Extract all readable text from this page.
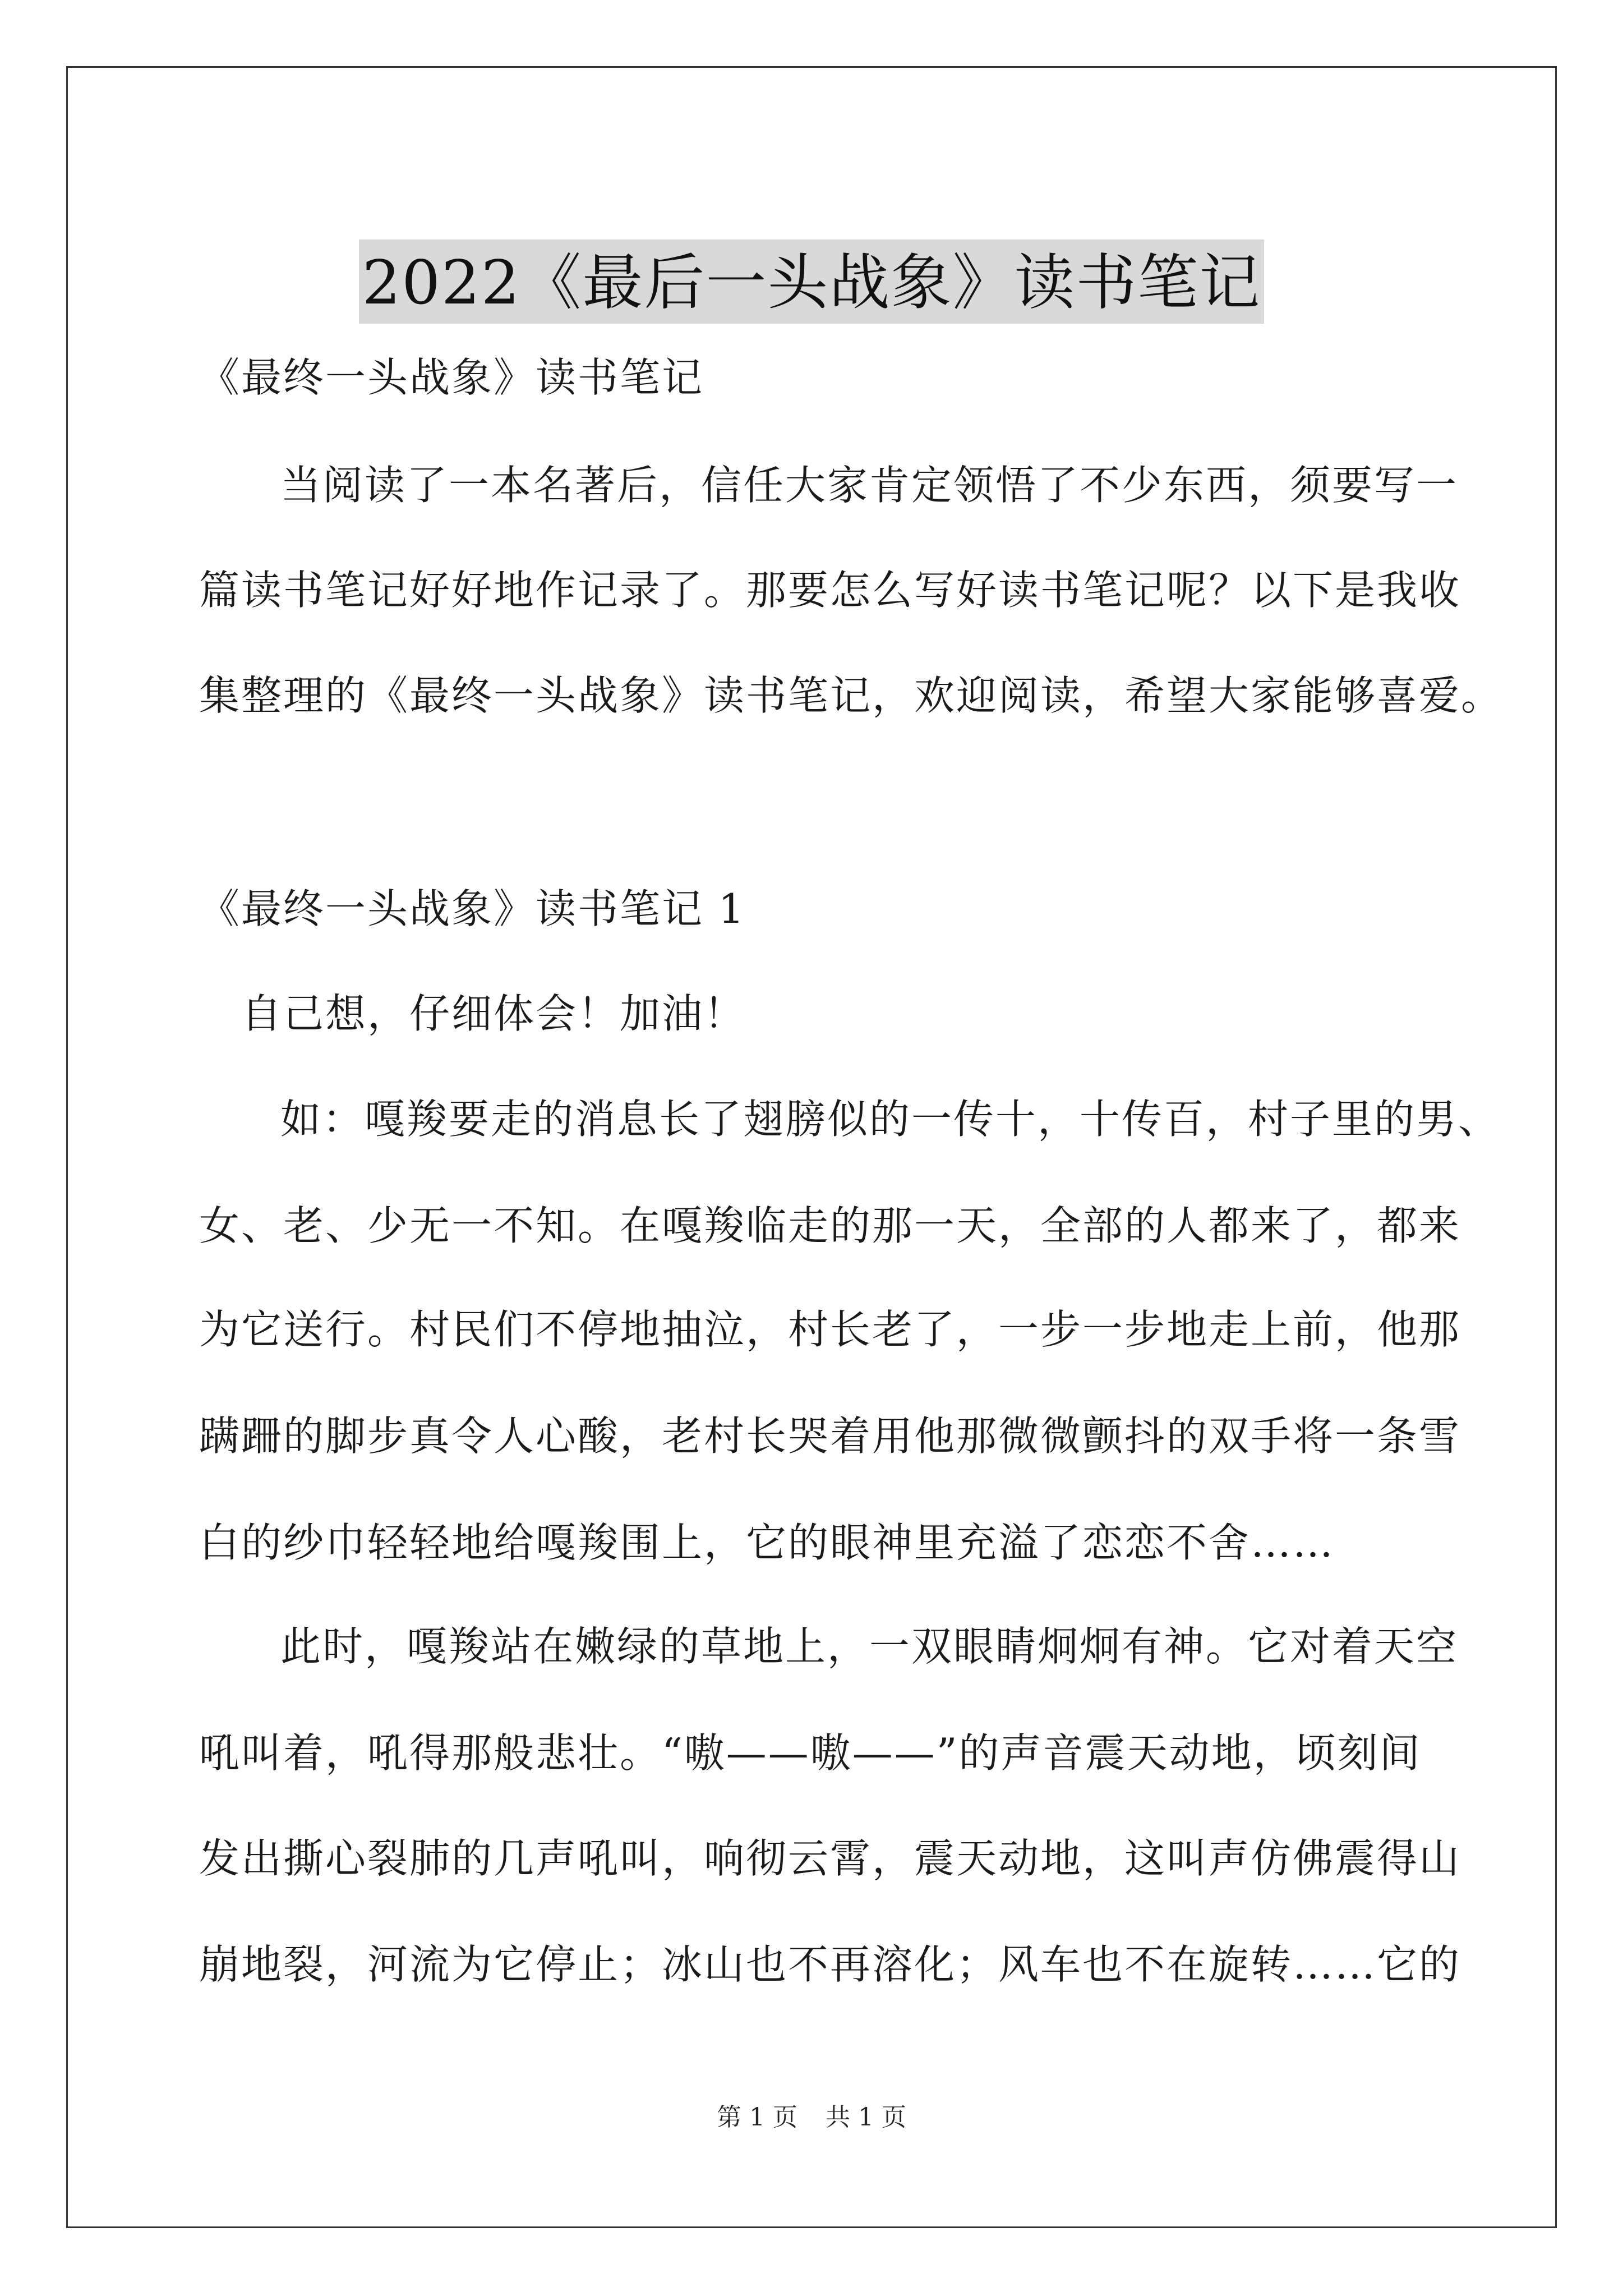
2022《最后一头战象》读书笔记
《最终一头战象》读书笔记
当阅读了一本名著后，信任大家肯定领悟了不少东西，须要写一
篇读书笔记好好地作记录了。那要怎么写好读书笔记呢？以下是我收
集整理的《最终一头战象》读书笔记，欢迎阅读，希望大家能够喜爱。
《最终一头战象》读书笔记 1
自己想，仔细体会！加油！
如：嘎羧要走的消息长了翅膀似的一传十，十传百，村子里的男、
女、老、少无一不知。在嘎羧临走的那一天，全部的人都来了，都来
为它送行。村民们不停地抽泣，村长老了，一步一步地走上前，他那
蹒跚的脚步真令人心酸，老村长哭着用他那微微颤抖的双手将一条雪
白的纱巾轻轻地给嘎羧围上，它的眼神里充溢了恋恋不舍……
此时，嘎羧站在嫩绿的草地上，一双眼睛炯炯有神。它对着天空
吼叫着，吼得那般悲壮。“嗷——嗷——”的声音震天动地，顷刻间
发出撕心裂肺的几声吼叫，响彻云霄，震天动地，这叫声仿佛震得山
崩地裂，河流为它停止；冰山也不再溶化；风车也不在旋转……它的
第 1 页 共 1 页
